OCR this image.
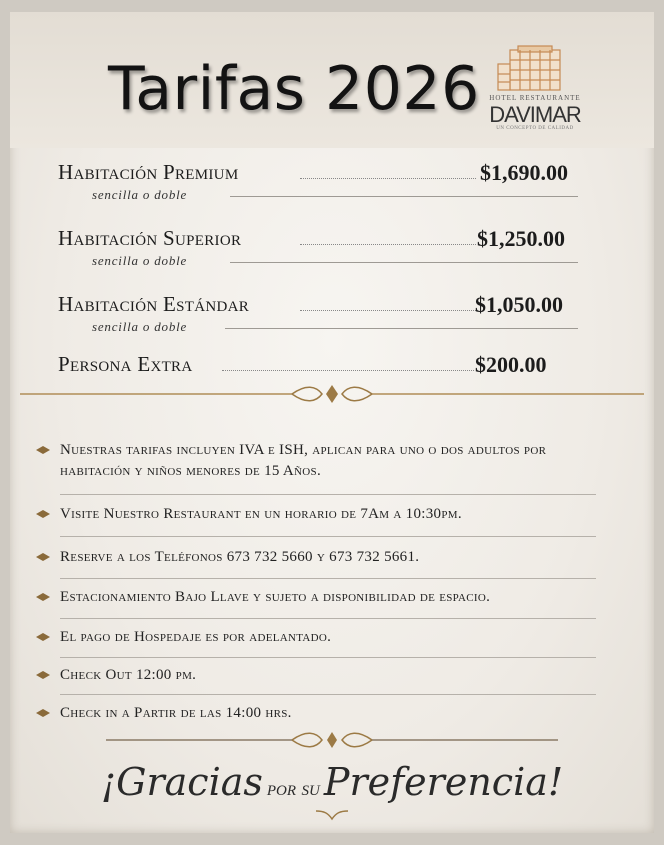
Tarifas 2026	HOTEL RESTAURANTE
DAVIMAR
UN CONCEPTO DE CALIDAD
Habitación Premium	$1,690.00
sencilla o doble
Habitación Superior	$1,250.00
sencilla o doble
Habitación Estándar	$1,050.00
sencilla o doble
Persona Extra	$200.00
Nuestras tarifas incluyen IVA e ISH, aplican para uno o dos adultos por habitación y niños menores de 15 Años.
Visite Nuestro Restaurant en un horario de 7Am a 10:30pm.
Reserve a los Teléfonos 673 732 5660 y 673 732 5661.
Estacionamiento Bajo Llave y sujeto a disponibilidad de espacio.
El pago de Hospedaje es por adelantado.
Check Out 12:00 pm.
Check in a Partir de las 14:00 hrs.
¡Gracias por su Preferencia!
